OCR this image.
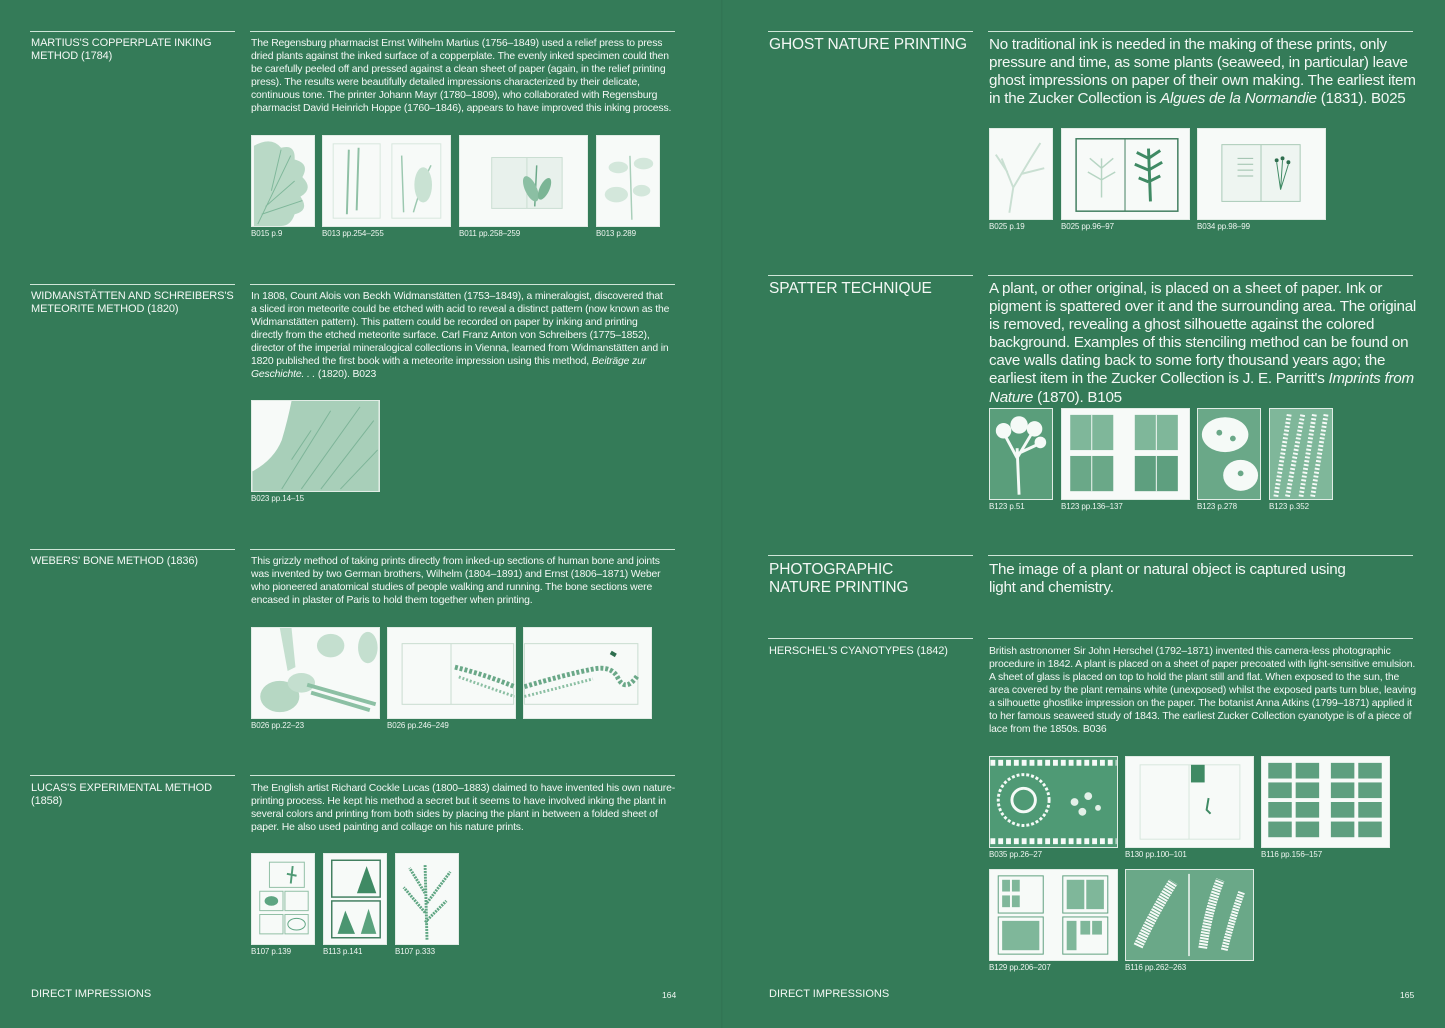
MARTIUS'S COPPERPLATE INKING METHOD (1784)
The Regensburg pharmacist Ernst Wilhelm Martius (1756–1849) used a relief press to press dried plants against the inked surface of a copperplate. The evenly inked specimen could then be carefully peeled off and pressed against a clean sheet of paper (again, in the relief printing press). The results were beautifully detailed impressions characterized by their delicate, continuous tone. The printer Johann Mayr (1780–1809), who collaborated with Regensburg pharmacist David Heinrich Hoppe (1760–1846), appears to have improved this inking process.
B015 p.9	B013 pp.254–255	B011 pp.258–259	B013 p.289
WIDMANSTÄTTEN AND SCHREIBERS'S METEORITE METHOD (1820)
In 1808, Count Alois von Beckh Widmanstätten (1753–1849), a mineralogist, discovered that a sliced iron meteorite could be etched with acid to reveal a distinct pattern (now known as the Widmanstätten pattern). This pattern could be recorded on paper by inking and printing directly from the etched meteorite surface. Carl Franz Anton von Schreibers (1775–1852), director of the imperial mineralogical collections in Vienna, learned from Widmanstätten and in 1820 published the first book with a meteorite impression using this method, Beiträge zur Geschichte. . . (1820). B023
B023 pp.14–15
WEBERS' BONE METHOD (1836)	This grizzly method of taking prints directly from inked-up sections of human bone and joints was invented by two German brothers, Wilhelm (1804–1891) and Ernst (1806–1871) Weber who pioneered anatomical studies of people walking and running. The bone sections were encased in plaster of Paris to hold them together when printing.
B026 pp.22–23	B026 pp.246–249
LUCAS'S EXPERIMENTAL METHOD (1858)
The English artist Richard Cockle Lucas (1800–1883) claimed to have invented his own nature-printing process. He kept his method a secret but it seems to have involved inking the plant in several colors and printing from both sides by placing the plant in between a folded sheet of paper. He also used painting and collage on his nature prints.
B107 p.139	B113 p.141	B107 p.333
DIRECT IMPRESSIONS	164
GHOST NATURE PRINTING	No traditional ink is needed in the making of these prints, only pressure and time, as some plants (seaweed, in particular) leave ghost impressions on paper of their own making. The earliest item in the Zucker Collection is Algues de la Normandie (1831). B025
B025 p.19	B025 pp.96–97	B034 pp.98–99
SPATTER TECHNIQUE	A plant, or other original, is placed on a sheet of paper. Ink or pigment is spattered over it and the surrounding area. The original is removed, revealing a ghost silhouette against the colored background. Examples of this stenciling method can be found on cave walls dating back to some forty thousand years ago; the earliest item in the Zucker Collection is J. E. Parritt's Imprints from Nature (1870). B105
B123 p.51	B123 pp.136–137	B123 p.278	B123 p.352
PHOTOGRAPHIC NATURE PRINTING
The image of a plant or natural object is captured using light and chemistry.
HERSCHEL'S CYANOTYPES (1842)	British astronomer Sir John Herschel (1792–1871) invented this camera-less photographic procedure in 1842. A plant is placed on a sheet of paper precoated with light-sensitive emulsion. A sheet of glass is placed on top to hold the plant still and flat. When exposed to the sun, the area covered by the plant remains white (unexposed) whilst the exposed parts turn blue, leaving a silhouette ghostlike impression on the paper. The botanist Anna Atkins (1799–1871) applied it to her famous seaweed study of 1843. The earliest Zucker Collection cyanotype is of a piece of lace from the 1850s. B036
B035 pp.26–27	B130 pp.100–101	B116 pp.156–157
B129 pp.206–207	B116 pp.262–263
DIRECT IMPRESSIONS	165
